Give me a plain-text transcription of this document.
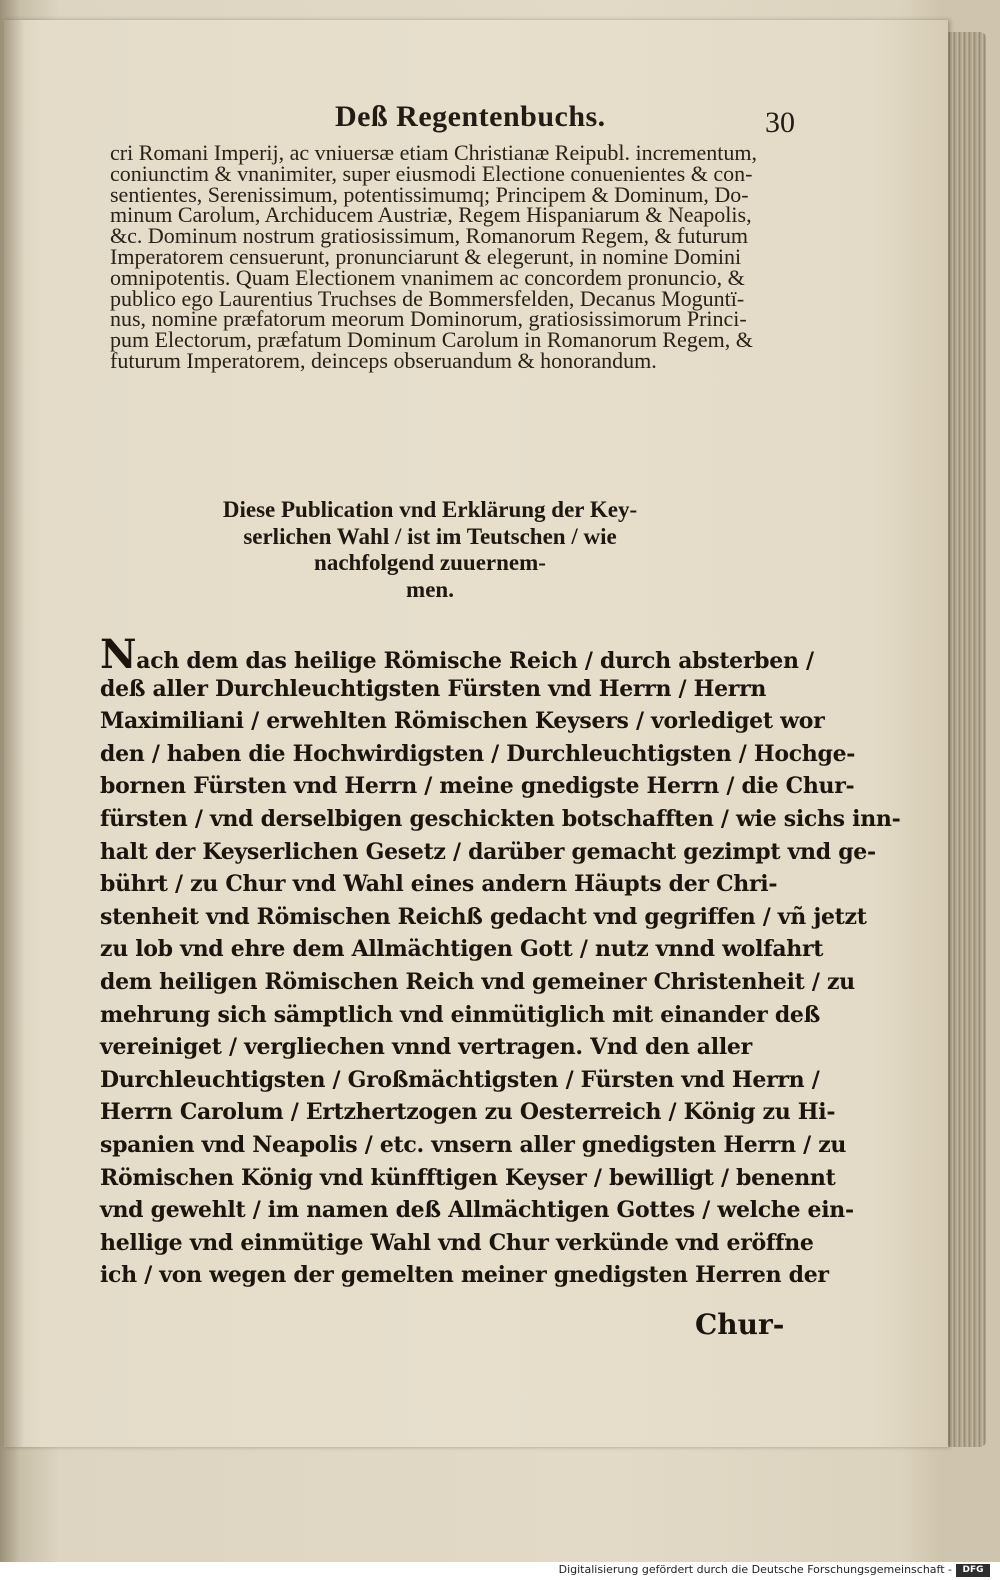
Deß Regentenbuchs.	30
cri Romani Imperij, ac vniuersæ etiam Christianæ Reipubl. incrementum,
coniunctim & vnanimiter, super eiusmodi Electione conuenientes & con-
sentientes, Serenissimum, potentissimumq; Principem & Dominum, Do-
minum Carolum, Archiducem Austriæ, Regem Hispaniarum & Neapolis,
&c. Dominum nostrum gratiosissimum, Romanorum Regem, & futurum
Imperatorem censuerunt, pronunciarunt & elegerunt, in nomine Domini
omnipotentis. Quam Electionem vnanimem ac concordem pronuncio, &
publico ego Laurentius Truchses de Bommersfelden, Decanus Moguntï-
nus, nomine præfatorum meorum Dominorum, gratiosissimorum Princi-
pum Electorum, præfatum Dominum Carolum in Romanorum Regem, &
futurum Imperatorem, deinceps obseruandum & honorandum.
Diese Publication vnd Erklärung der Key-
serlichen Wahl / ist im Teutschen / wie
nachfolgend zuuernem-
men.
Nach dem das heilige Römische Reich / durch absterben /
deß aller Durchleuchtigsten Fürsten vnd Herrn / Herrn
Maximiliani / erwehlten Römischen Keysers / vorlediget wor
den / haben die Hochwirdigsten / Durchleuchtigsten / Hochge-
bornen Fürsten vnd Herrn / meine gnedigste Herrn / die Chur-
fürsten / vnd derselbigen geschickten botschafften / wie sichs inn-
halt der Keyserlichen Gesetz / darüber gemacht gezimpt vnd ge-
bührt / zu Chur vnd Wahl eines andern Häupts der Chri-
stenheit vnd Römischen Reichß gedacht vnd gegriffen / vñ jetzt
zu lob vnd ehre dem Allmächtigen Gott / nutz vnnd wolfahrt
dem heiligen Römischen Reich vnd gemeiner Christenheit / zu
mehrung sich sämptlich vnd einmütiglich mit einander deß
vereiniget / vergliechen vnnd vertragen. Vnd den aller
Durchleuchtigsten / Großmächtigsten / Fürsten vnd Herrn /
Herrn Carolum / Ertzhertzogen zu Oesterreich / König zu Hi-
spanien vnd Neapolis / etc. vnsern aller gnedigsten Herrn / zu
Römischen König vnd künfftigen Keyser / bewilligt / benennt
vnd gewehlt / im namen deß Allmächtigen Gottes / welche ein-
hellige vnd einmütige Wahl vnd Chur verkünde vnd eröffne
ich / von wegen der gemelten meiner gnedigsten Herren der
Chur-
Digitalisierung gefördert durch die Deutsche Forschungsgemeinschaft -	DFG
